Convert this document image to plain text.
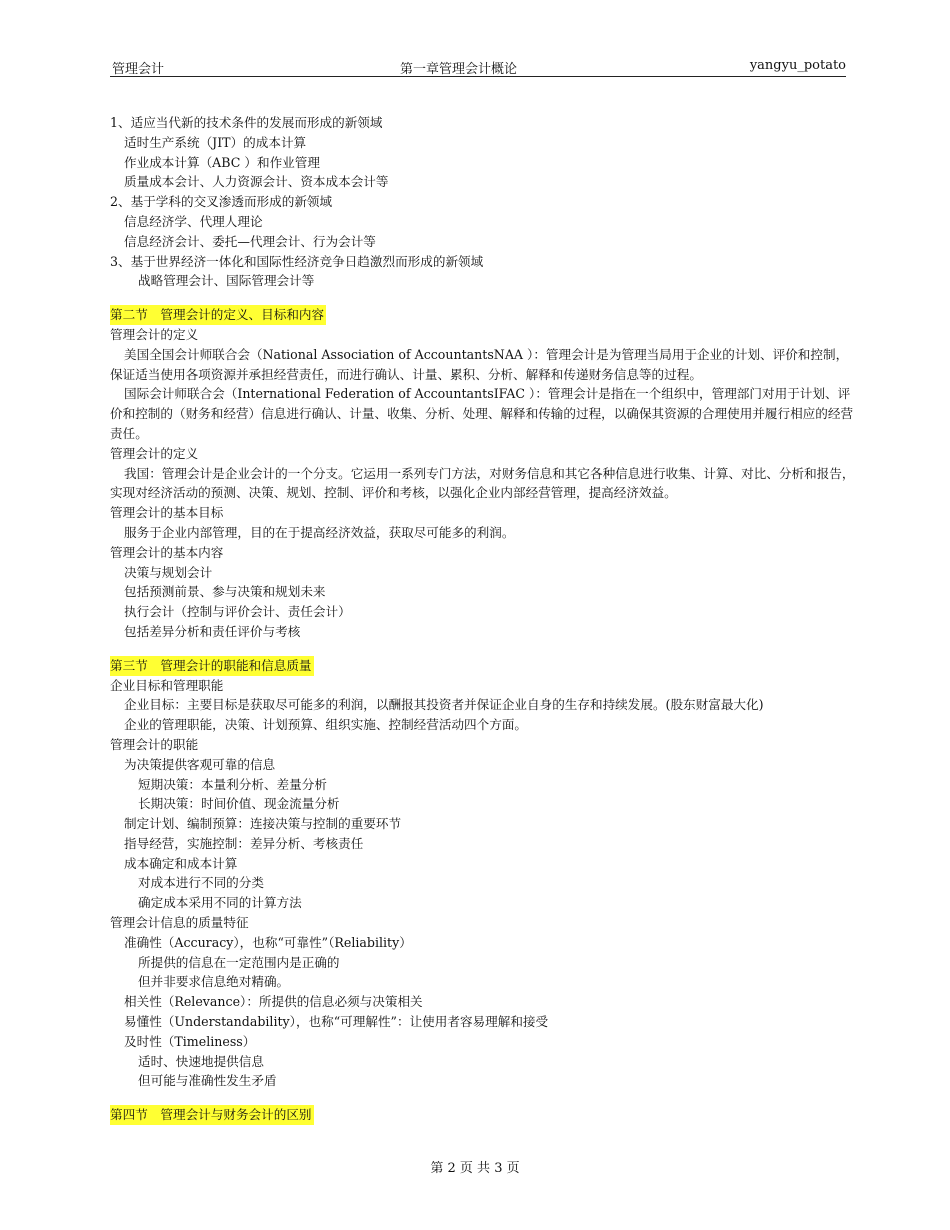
管理会计	第一章管理会计概论	yangyu_potato
1、适应当代新的技术条件的发展而形成的新领域
适时生产系统（JIT）的成本计算
作业成本计算（ABC ）和作业管理
质量成本会计、人力资源会计、资本成本会计等
2、基于学科的交叉渗透而形成的新领域
信息经济学、代理人理论
信息经济会计、委托—代理会计、行为会计等
3、基于世界经济一体化和国际性经济竞争日趋激烈而形成的新领域
战略管理会计、国际管理会计等
第二节　管理会计的定义、目标和内容
管理会计的定义
美国全国会计师联合会（National Association of AccountantsNAA ）：管理会计是为管理当局用于企业的计划、评价和控制，保证适当使用各项资源并承担经营责任，而进行确认、计量、累积、分析、解释和传递财务信息等的过程。
国际会计师联合会（International Federation of AccountantsIFAC ）：管理会计是指在一个组织中，管理部门对用于计划、评价和控制的（财务和经营）信息进行确认、计量、收集、分析、处理、解释和传输的过程，以确保其资源的合理使用并履行相应的经营责任。
管理会计的定义
我国：管理会计是企业会计的一个分支。它运用一系列专门方法，对财务信息和其它各种信息进行收集、计算、对比、分析和报告，实现对经济活动的预测、决策、规划、控制、评价和考核，以强化企业内部经营管理，提高经济效益。
管理会计的基本目标
服务于企业内部管理，目的在于提高经济效益，获取尽可能多的利润。
管理会计的基本内容
决策与规划会计
包括预测前景、参与决策和规划未来
执行会计（控制与评价会计、责任会计）
包括差异分析和责任评价与考核
第三节　管理会计的职能和信息质量
企业目标和管理职能
企业目标：主要目标是获取尽可能多的利润，以酬报其投资者并保证企业自身的生存和持续发展。(股东财富最大化)
企业的管理职能，决策、计划预算、组织实施、控制经营活动四个方面。
管理会计的职能
为决策提供客观可靠的信息
短期决策：本量利分析、差量分析
长期决策：时间价值、现金流量分析
制定计划、编制预算：连接决策与控制的重要环节
指导经营，实施控制：差异分析、考核责任
成本确定和成本计算
对成本进行不同的分类
确定成本采用不同的计算方法
管理会计信息的质量特征
准确性（Accuracy），也称“可靠性”（Reliability）
所提供的信息在一定范围内是正确的
但并非要求信息绝对精确。
相关性（Relevance）：所提供的信息必须与决策相关
易懂性（Understandability），也称“可理解性”：让使用者容易理解和接受
及时性（Timeliness）
适时、快速地提供信息
但可能与准确性发生矛盾
第四节　管理会计与财务会计的区别
第 2 页 共 3 页
